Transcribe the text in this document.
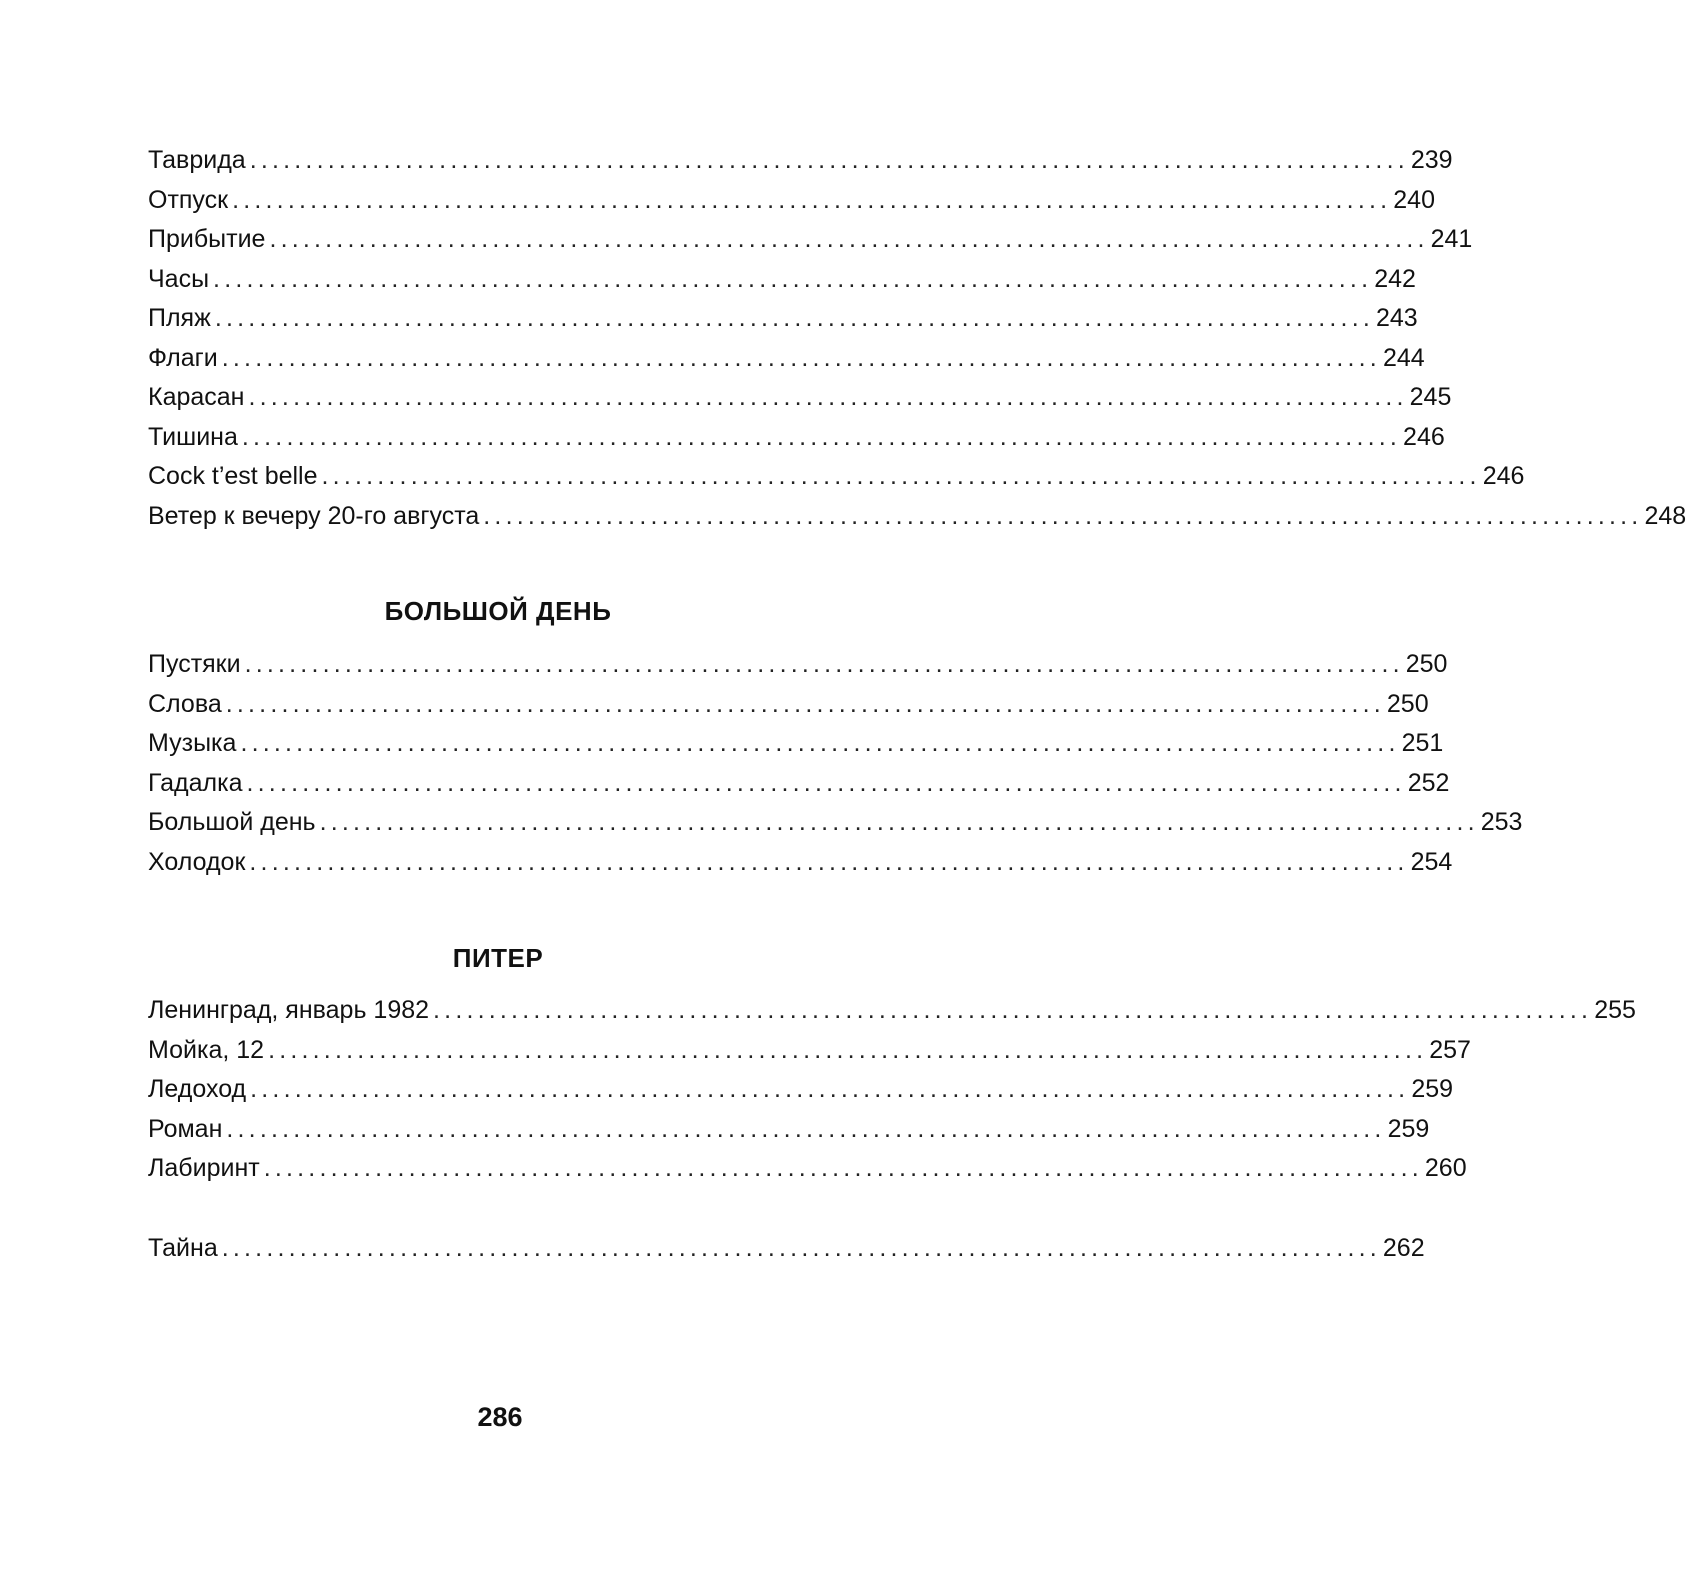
Таврида ........................................................................................................ 239
Отпуск ........................................................................................................ 240
Прибытие ........................................................................................................ 241
Часы ........................................................................................................ 242
Пляж ........................................................................................................ 243
Флаги ........................................................................................................ 244
Карасан ........................................................................................................ 245
Тишина ........................................................................................................ 246
Cock t’est belle ........................................................................................................ 246
Ветер к вечеру 20-го августа ........................................................................................................ 248
БОЛЬШОЙ ДЕНЬ
Пустяки ........................................................................................................ 250
Слова ........................................................................................................ 250
Музыка ........................................................................................................ 251
Гадалка ........................................................................................................ 252
Большой день ........................................................................................................ 253
Холодок ........................................................................................................ 254
ПИТЕР
Ленинград, январь 1982 ........................................................................................................ 255
Мойка, 12 ........................................................................................................ 257
Ледоход ........................................................................................................ 259
Роман ........................................................................................................ 259
Лабиринт ........................................................................................................ 260
Тайна ........................................................................................................ 262
286
